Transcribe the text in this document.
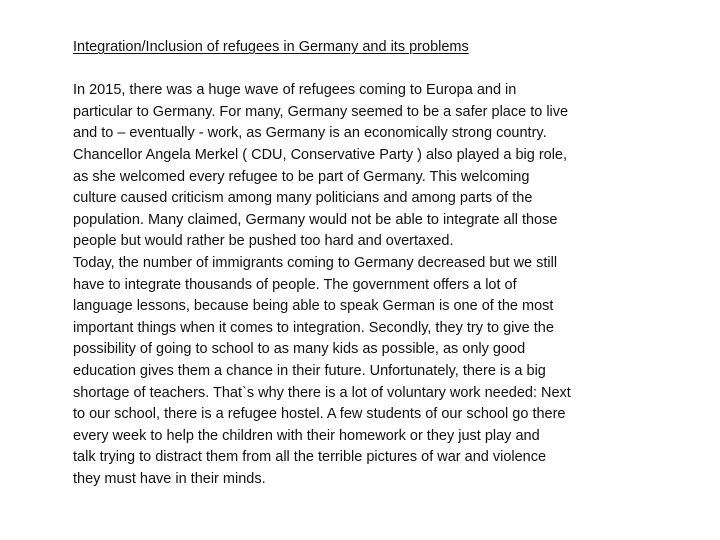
Integration/Inclusion of refugees in Germany and its problems

In 2015, there was a huge wave of refugees coming to Europa and in
particular to Germany. For many, Germany seemed to be a safer place to live
and to – eventually - work, as Germany is an economically strong country.
Chancellor Angela Merkel ( CDU, Conservative Party ) also played a big role,
as she welcomed every refugee to be part of Germany. This welcoming
culture caused criticism among many politicians and among parts of the
population. Many claimed, Germany would not be able to integrate all those
people but would rather be pushed too hard and overtaxed.

Today, the number of immigrants coming to Germany decreased but we still
have to integrate thousands of people. The government offers a lot of
language lessons, because being able to speak German is one of the most
important things when it comes to integration. Secondly, they try to give the
possibility of going to school to as many kids as possible, as only good
education gives them a chance in their future. Unfortunately, there is a big
shortage of teachers. That`s why there is a lot of voluntary work needed: Next
to our school, there is a refugee hostel. A few students of our school go there
every week to help the children with their homework or they just play and
talk trying to distract them from all the terrible pictures of war and violence
they must have in their minds.
